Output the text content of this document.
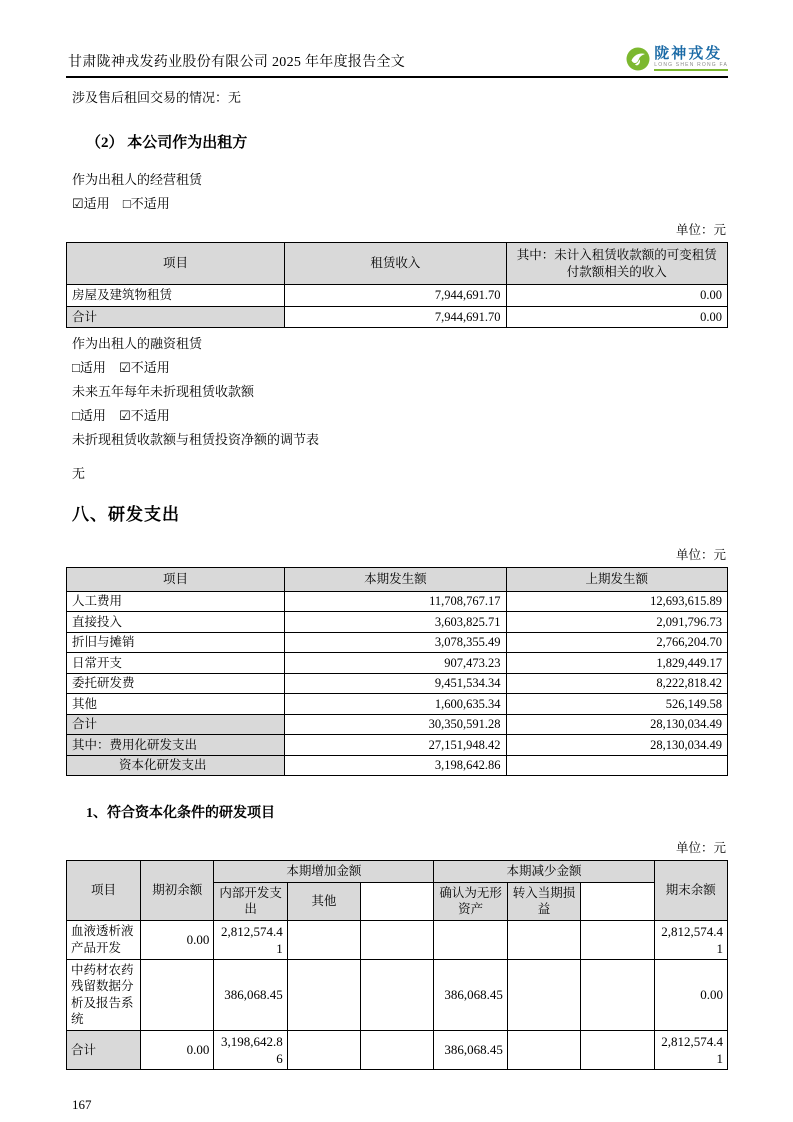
甘肃陇神戎发药业股份有限公司 2025 年年度报告全文
陇神戎发
LONG SHEN RONG FA

涉及售后租回交易的情况：无

（2） 本公司作为出租方

作为出租人的经营租赁

☑适用 □不适用

单位：元
项目	租赁收入	其中：未计入租赁收款额的可变租赁付款额相关的收入
房屋及建筑物租赁	7,944,691.70	0.00
合计	7,944,691.70	0.00

作为出租人的融资租赁

□适用 ☑不适用

未来五年每年未折现租赁收款额

□适用 ☑不适用

未折现租赁收款额与租赁投资净额的调节表

无

八、研发支出
单位：元
项目	本期发生额	上期发生额
人工费用	11,708,767.17	12,693,615.89
直接投入	3,603,825.71	2,091,796.73
折旧与摊销	3,078,355.49	2,766,204.70
日常开支	907,473.23	1,829,449.17
委托研发费	9,451,534.34	8,222,818.42
其他	1,600,635.34	526,149.58
合计	30,350,591.28	28,130,034.49
其中：费用化研发支出	27,151,948.42	28,130,034.49
资本化研发支出	3,198,642.86	
1、符合资本化条件的研发项目
单位：元
项目	期初余额	本期增加金额			本期减少金额			期末余额
		内部开发支出	其他		确认为无形资产	转入当期损益		
血液透析液产品开发	0.00	2,812,574.41						2,812,574.41
中药材农药残留数据分析及报告系统		386,068.45			386,068.45			0.00
合计	0.00	3,198,642.86			386,068.45			2,812,574.41
167
